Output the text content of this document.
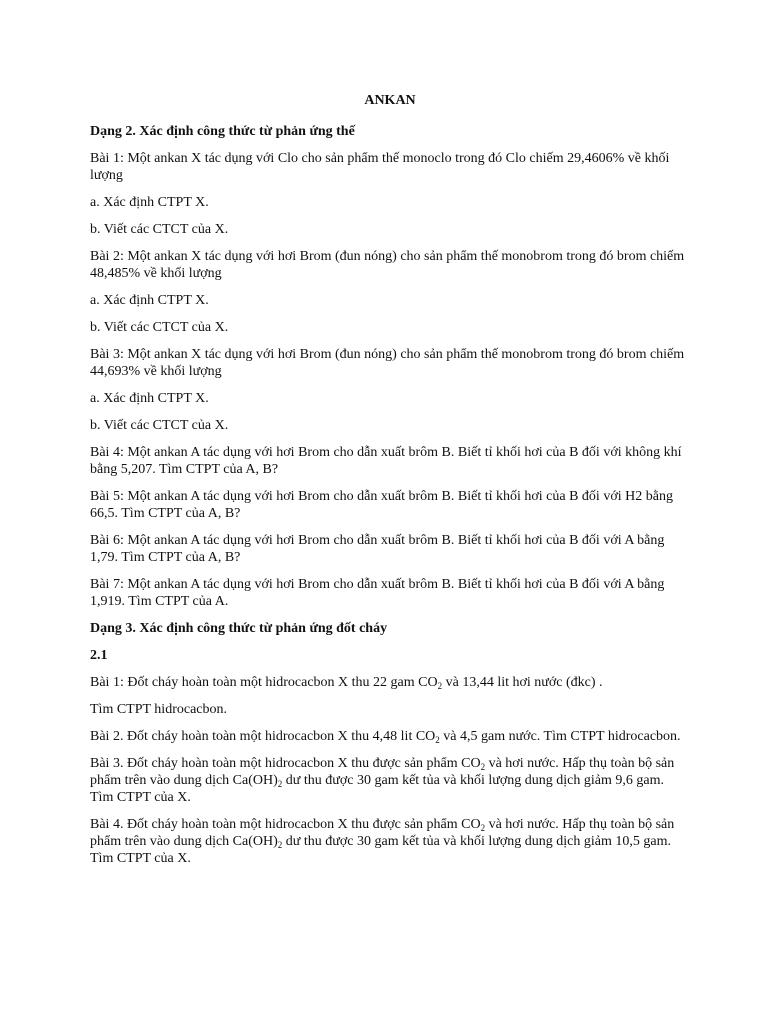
ANKAN

Dạng 2. Xác định công thức từ phản ứng thế

Bài 1: Một ankan X tác dụng với Clo cho sản phẩm thế monoclo trong đó Clo chiếm 29,4606% về khối lượng

a. Xác định CTPT X.

b. Viết các CTCT của X.

Bài 2: Một ankan X tác dụng với hơi Brom (đun nóng) cho sản phẩm thế monobrom trong đó brom chiếm 48,485% về khối lượng

a. Xác định CTPT X.

b. Viết các CTCT của X.

Bài 3: Một ankan X tác dụng với hơi Brom (đun nóng) cho sản phẩm thế monobrom trong đó brom chiếm 44,693% về khối lượng

a. Xác định CTPT X.

b. Viết các CTCT của X.

Bài 4: Một ankan A tác dụng với hơi Brom cho dẫn xuất brôm B. Biết tỉ khối hơi của B đối với không khí bằng 5,207. Tìm CTPT của A, B?

Bài 5: Một ankan A tác dụng với hơi Brom cho dẫn xuất brôm B. Biết tỉ khối hơi của B đối với H2 bằng 66,5. Tìm CTPT của A, B?

Bài 6: Một ankan A tác dụng với hơi Brom cho dẫn xuất brôm B. Biết tỉ khối hơi của B đối với A bằng 1,79. Tìm CTPT của A, B?

Bài 7: Một ankan A tác dụng với hơi Brom cho dẫn xuất brôm B. Biết tỉ khối hơi của B đối với A bằng 1,919. Tìm CTPT của A.

Dạng 3. Xác định công thức từ phản ứng đốt cháy

2.1

Bài 1: Đốt cháy hoàn toàn một hidrocacbon X thu 22 gam $CO_2$ và 13,44 lit hơi nước (đkc) .

Tìm CTPT hidrocacbon.

Bài 2. Đốt cháy hoàn toàn một hidrocacbon X thu 4,48 lit $CO_2$ và 4,5 gam nước. Tìm CTPT hidrocacbon.

Bài 3. Đốt cháy hoàn toàn một hidrocacbon X thu được sản phẩm $CO_2$ và hơi nước. Hấp thụ toàn bộ sản phẩm trên vào dung dịch $Ca(OH)_2$ dư thu được 30 gam kết tủa và khối lượng dung dịch giảm 9,6 gam. Tìm CTPT của X.

Bài 4. Đốt cháy hoàn toàn một hidrocacbon X thu được sản phẩm $CO_2$ và hơi nước. Hấp thụ toàn bộ sản phẩm trên vào dung dịch $Ca(OH)_2$ dư thu được 30 gam kết tủa và khối lượng dung dịch giảm 10,5 gam. Tìm CTPT của X.
